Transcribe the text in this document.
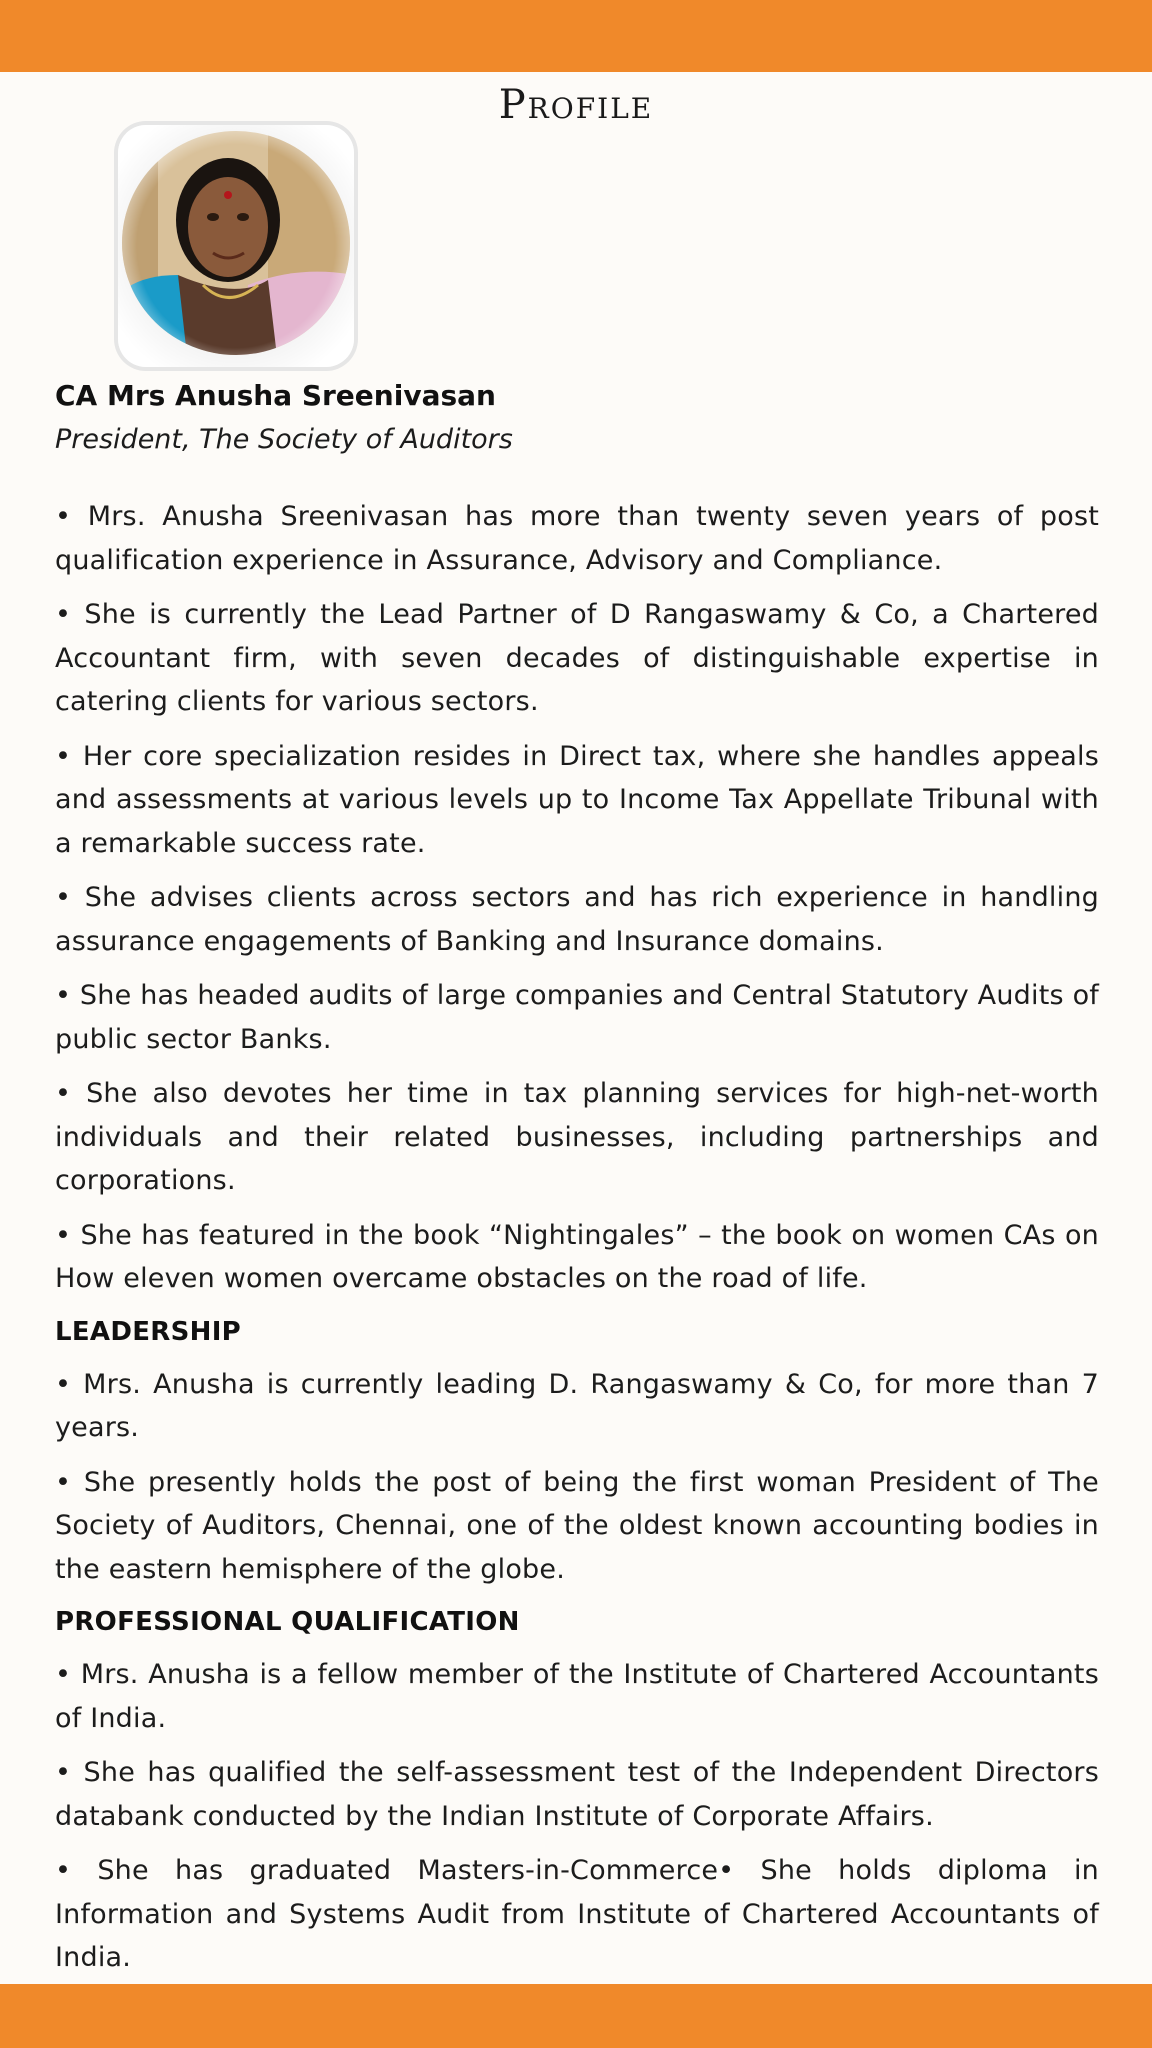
Profile
CA Mrs Anusha Sreenivasan

President, The Society of Auditors

• Mrs. Anusha Sreenivasan has more than twenty seven years of post qualification experience in Assurance, Advisory and Compliance.

• She is currently the Lead Partner of D Rangaswamy & Co, a Chartered Accountant firm, with seven decades of distinguishable expertise in catering clients for various sectors.

• Her core specialization resides in Direct tax, where she handles appeals and assessments at various levels up to Income Tax Appellate Tribunal with a remarkable success rate.

• She advises clients across sectors and has rich experience in handling assurance engagements of Banking and Insurance domains.

• She has headed audits of large companies and Central Statutory Audits of public sector Banks.

• She also devotes her time in tax planning services for high-net-worth individuals and their related businesses, including partnerships and corporations.

• She has featured in the book “Nightingales” – the book on women CAs on How eleven women overcame obstacles on the road of life.

LEADERSHIP

• Mrs. Anusha is currently leading D. Rangaswamy & Co, for more than 7 years.

• She presently holds the post of being the first woman President of The Society of Auditors, Chennai, one of the oldest known accounting bodies in the eastern hemisphere of the globe.

PROFESSIONAL QUALIFICATION

• Mrs. Anusha is a fellow member of the Institute of Chartered Accountants of India.

• She has qualified the self-assessment test of the Independent Directors databank conducted by the Indian Institute of Corporate Affairs.

• She has graduated Masters-in-Commerce• She holds diploma in Information and Systems Audit from Institute of Chartered Accountants of India.
